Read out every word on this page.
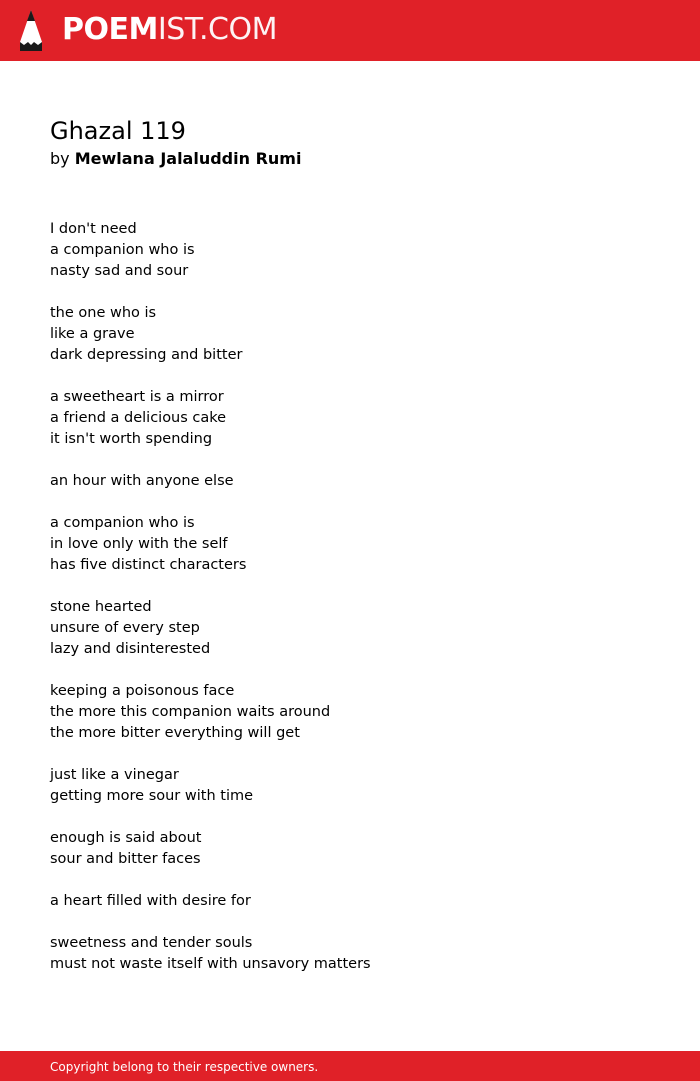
POEMIST.COM
Ghazal 119
by Mewlana Jalaluddin Rumi
I don't need
a companion who is
nasty sad and sour
the one who is
like a grave
dark depressing and bitter
a sweetheart is a mirror
a friend a delicious cake
it isn't worth spending
an hour with anyone else
a companion who is
in love only with the self
has five distinct characters
stone hearted
unsure of every step
lazy and disinterested
keeping a poisonous face
the more this companion waits around
the more bitter everything will get
just like a vinegar
getting more sour with time
enough is said about
sour and bitter faces
a heart filled with desire for
sweetness and tender souls
must not waste itself with unsavory matters
Copyright belong to their respective owners.
